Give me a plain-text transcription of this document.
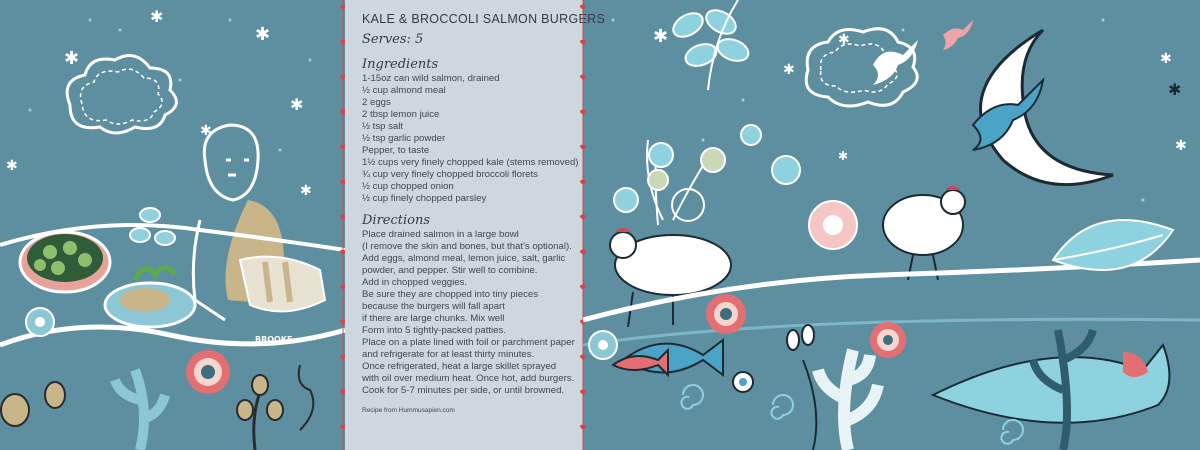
✱
✱
✱
✱
✱
✱
✱
BROOKE
KALE & BROCCOLI SALMON BURGERS
Serves: 5
Ingredients
1-15oz can wild salmon, drained
½ cup almond meal
2 eggs
2 tbsp lemon juice
½ tsp salt
½ tsp garlic powder
Pepper, to taste
1½ cups very finely chopped kale (stems removed)
¾ cup very finely chopped broccoli florets
½ cup chopped onion
½ cup finely chopped parsley
Directions
Place drained salmon in a large bowl
(I remove the skin and bones, but that's optional).
Add eggs, almond meal, lemon juice, salt, garlic
powder, and pepper. Stir well to combine.
Add in chopped veggies.
Be sure they are chopped into tiny pieces
because the burgers will fall apart
if there are large chunks. Mix well
Form into 5 tightly-packed patties.
Place on a plate lined with foil or parchment paper
and refrigerate for at least thirty minutes.
Once refrigerated, heat a large skillet sprayed
with oil over medium heat. Once hot, add burgers.
Cook for 5-7 minutes per side, or until browned.
Recipe from Hummusapien.com
✱
✱
✱
✱
✱
✱
✱
